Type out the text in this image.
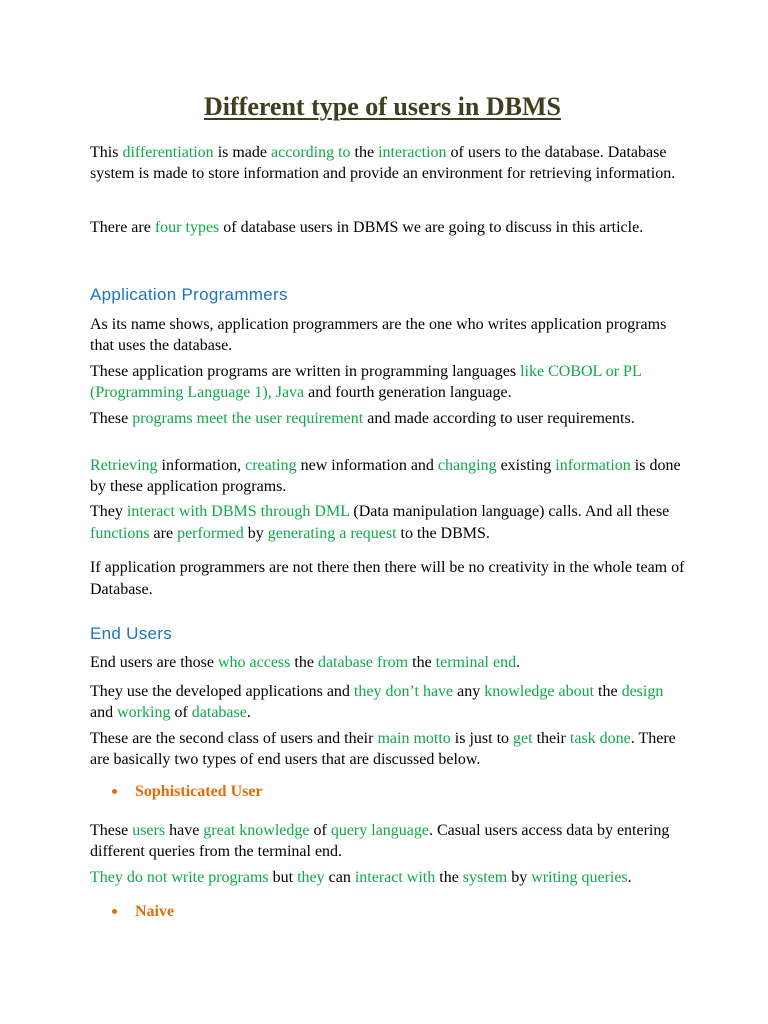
Different type of users in DBMS

This differentiation is made according to the interaction of users to the database. Database system is made to store information and provide an environment for retrieving information.

There are four types of database users in DBMS we are going to discuss in this article.

Application Programmers

As its name shows, application programmers are the one who writes application programs that uses the database.

These application programs are written in programming languages like COBOL or PL (Programming Language 1), Java and fourth generation language.

These programs meet the user requirement and made according to user requirements.

Retrieving information, creating new information and changing existing information is done by these application programs.

They interact with DBMS through DML (Data manipulation language) calls. And all these functions are performed by generating a request to the DBMS.

If application programmers are not there then there will be no creativity in the whole team of Database.

End Users

End users are those who access the database from the terminal end.

They use the developed applications and they don’t have any knowledge about the design and working of database.

These are the second class of users and their main motto is just to get their task done. There are basically two types of end users that are discussed below.

Sophisticated User

These users have great knowledge of query language. Casual users access data by entering different queries from the terminal end.

They do not write programs but they can interact with the system by writing queries.

Naive
